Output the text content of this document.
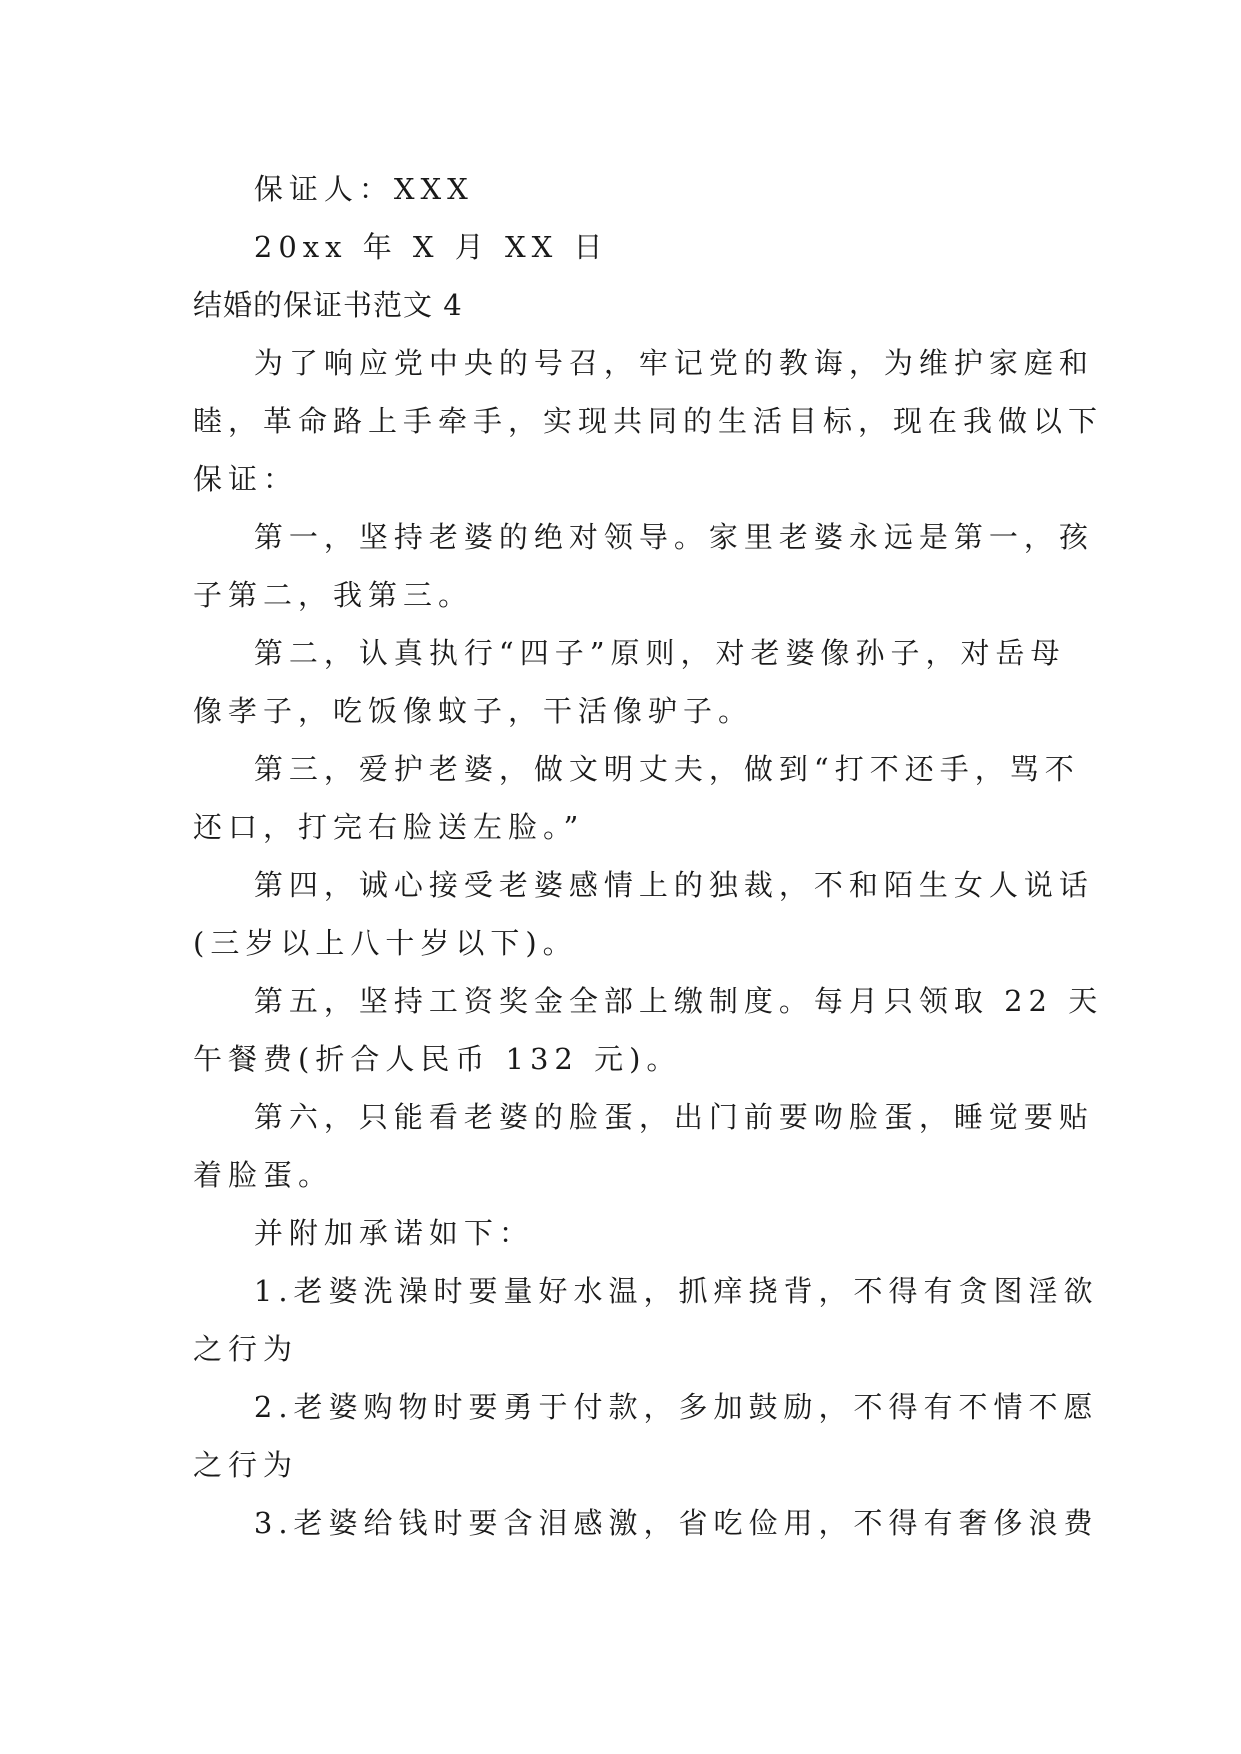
保证人：XXX
20xx 年 X 月 XX 日
结婚的保证书范文 4
为了响应党中央的号召，牢记党的教诲，为维护家庭和
睦，革命路上手牵手，实现共同的生活目标，现在我做以下
保证：
第一，坚持老婆的绝对领导。家里老婆永远是第一，孩
子第二，我第三。
第二，认真执行“四子”原则，对老婆像孙子，对岳母
像孝子，吃饭像蚊子，干活像驴子。
第三，爱护老婆，做文明丈夫，做到“打不还手，骂不
还口，打完右脸送左脸。”
第四，诚心接受老婆感情上的独裁，不和陌生女人说话
(三岁以上八十岁以下)。
第五，坚持工资奖金全部上缴制度。每月只领取 22 天
午餐费(折合人民币 132 元)。
第六，只能看老婆的脸蛋，出门前要吻脸蛋，睡觉要贴
着脸蛋。
并附加承诺如下：
1.老婆洗澡时要量好水温，抓痒挠背，不得有贪图淫欲
之行为
2.老婆购物时要勇于付款，多加鼓励，不得有不情不愿
之行为
3.老婆给钱时要含泪感激，省吃俭用，不得有奢侈浪费
